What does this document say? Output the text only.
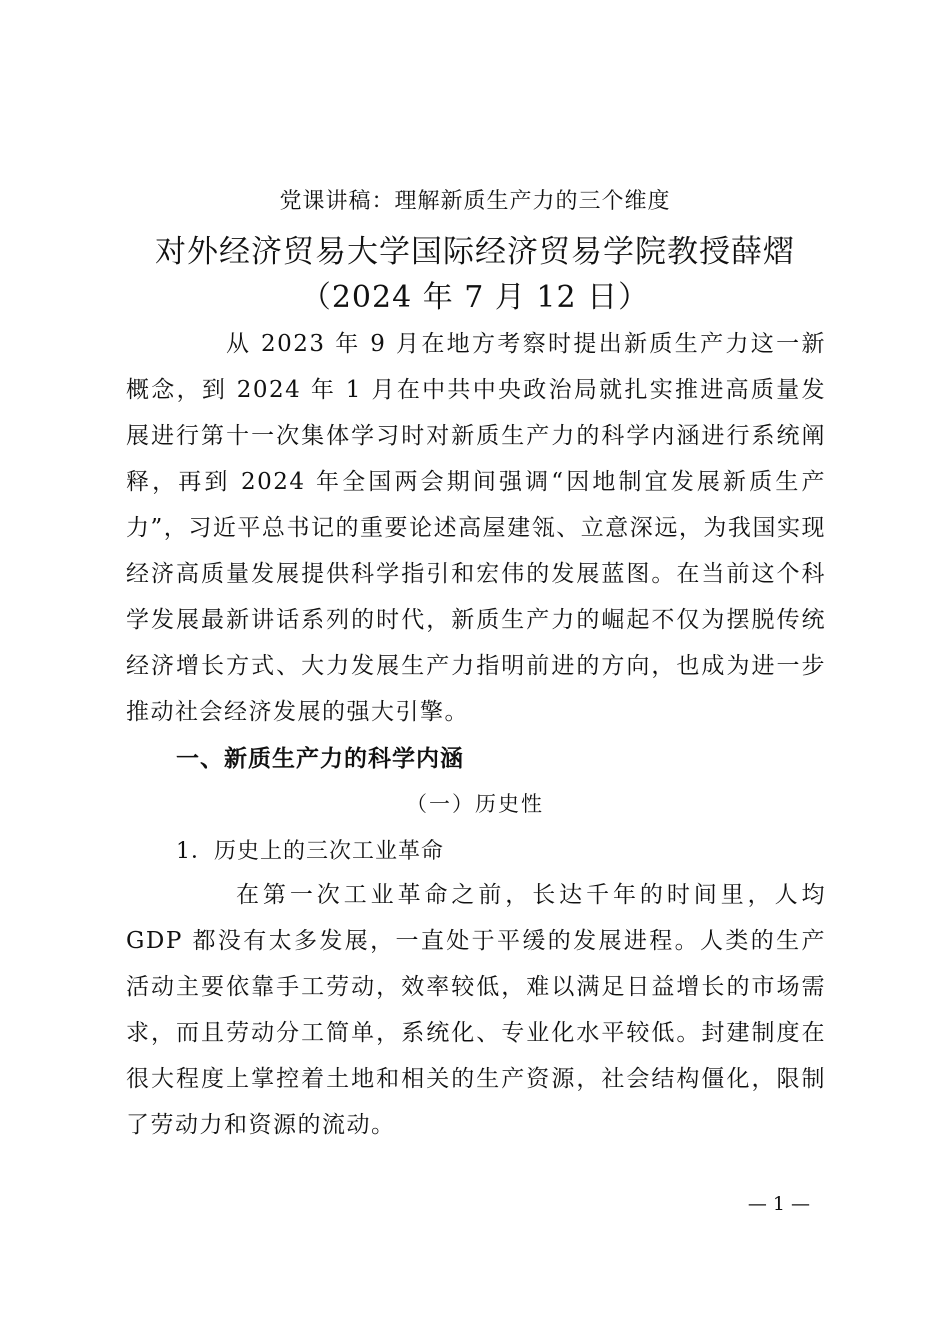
党课讲稿：理解新质生产力的三个维度
对外经济贸易大学国际经济贸易学院教授薛熠
（2024 年 7 月 12 日）
从 2023 年 9 月在地方考察时提出新质生产力这一新概念，到 2024 年 1 月在中共中央政治局就扎实推进高质量发展进行第十一次集体学习时对新质生产力的科学内涵进行系统阐释，再到 2024 年全国两会期间强调“因地制宜发展新质生产力”，习近平总书记的重要论述高屋建瓴、立意深远，为我国实现经济高质量发展提供科学指引和宏伟的发展蓝图。在当前这个科学发展最新讲话系列的时代，新质生产力的崛起不仅为摆脱传统经济增长方式、大力发展生产力指明前进的方向，也成为进一步推动社会经济发展的强大引擎。
一、新质生产力的科学内涵
（一）历史性
1．历史上的三次工业革命
在第一次工业革命之前，长达千年的时间里，人均 GDP 都没有太多发展，一直处于平缓的发展进程。人类的生产活动主要依靠手工劳动，效率较低，难以满足日益增长的市场需求，而且劳动分工简单，系统化、专业化水平较低。封建制度在很大程度上掌控着土地和相关的生产资源，社会结构僵化，限制了劳动力和资源的流动。
— 1 —
